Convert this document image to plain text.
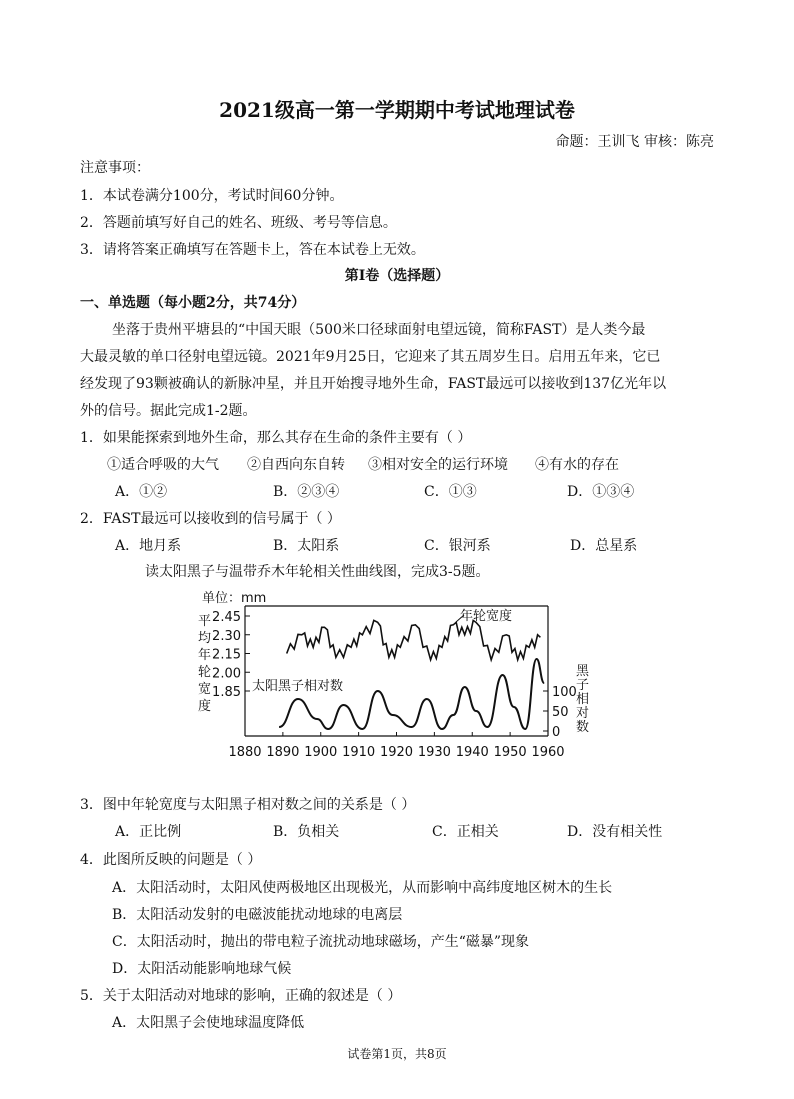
2021级高一第一学期期中考试地理试卷
命题：王训飞 审核：陈亮
注意事项：
1．本试卷满分100分，考试时间60分钟。
2．答题前填写好自己的姓名、班级、考号等信息。
3．请将答案正确填写在答题卡上，答在本试卷上无效。
第Ⅰ卷（选择题）
一、单选题（每小题2分，共74分）
坐落于贵州平塘县的“中国天眼（500米口径球面射电望远镜，简称FAST）是人类今最
大最灵敏的单口径射电望远镜。2021年9月25日，它迎来了其五周岁生日。启用五年来，它已
经发现了93颗被确认的新脉冲星，并且开始搜寻地外生命，FAST最远可以接收到137亿光年以
外的信号。据此完成1-2题。
1．如果能探索到地外生命，那么其存在生命的条件主要有（ ）
①适合呼吸的大气 ②自西向东自转 ③相对安全的运行环境 ④有水的存在
A．①②	B．②③④	C．①③	D．①③④
2．FAST最远可以接收到的信号属于（ ）
A．地月系	B．太阳系	C．银河系	D．总星系
读太阳黑子与温带乔木年轮相关性曲线图，完成3-5题。
单位：mm
平
均
年
轮
宽
度
黑
子
相
对
数
2.45
2.30
2.15
2.00
1.85	100
50
0
1880 1890 1900 1910 1920 1930 1940 1950 1960
年轮宽度
太阳黑子相对数
3．图中年轮宽度与太阳黑子相对数之间的关系是（ ）
A．正比例	B．负相关	C．正相关	D．没有相关性
4．此图所反映的问题是（ ）
A．太阳活动时，太阳风使两极地区出现极光，从而影响中高纬度地区树木的生长
B．太阳活动发射的电磁波能扰动地球的电离层
C．太阳活动时，抛出的带电粒子流扰动地球磁场，产生“磁暴”现象
D．太阳活动能影响地球气候
5．关于太阳活动对地球的影响，正确的叙述是（ ）
A．太阳黑子会使地球温度降低
试卷第1页，共8页
